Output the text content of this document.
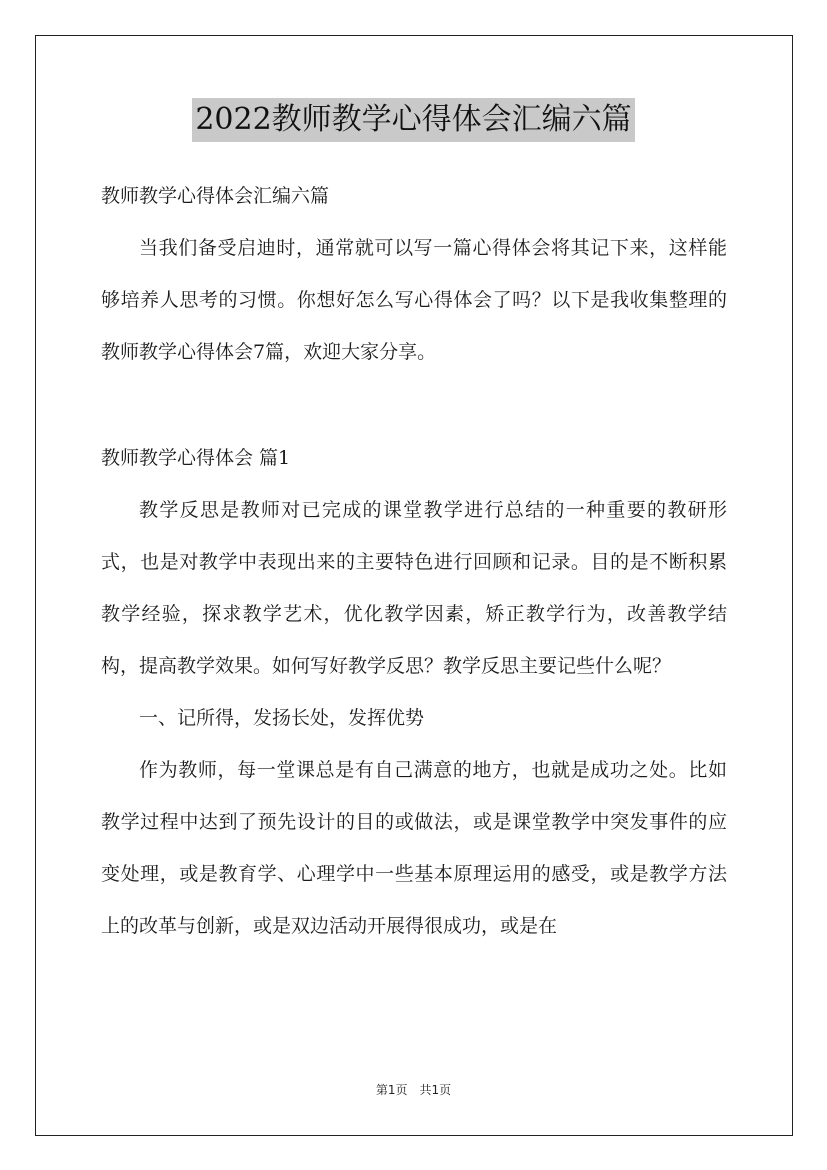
2022教师教学心得体会汇编六篇
教师教学心得体会汇编六篇

当我们备受启迪时，通常就可以写一篇心得体会将其记下来，这样能够培养人思考的习惯。你想好怎么写心得体会了吗？以下是我收集整理的教师教学心得体会7篇，欢迎大家分享。

教师教学心得体会 篇1

教学反思是教师对已完成的课堂教学进行总结的一种重要的教研形式，也是对教学中表现出来的主要特色进行回顾和记录。目的是不断积累教学经验，探求教学艺术，优化教学因素，矫正教学行为，改善教学结构，提高教学效果。如何写好教学反思？教学反思主要记些什么呢？

一、记所得，发扬长处，发挥优势

作为教师，每一堂课总是有自己满意的地方，也就是成功之处。比如教学过程中达到了预先设计的目的或做法，或是课堂教学中突发事件的应变处理，或是教育学、心理学中一些基本原理运用的感受，或是教学方法上的改革与创新，或是双边活动开展得很成功，或是在

第1页　共1页
